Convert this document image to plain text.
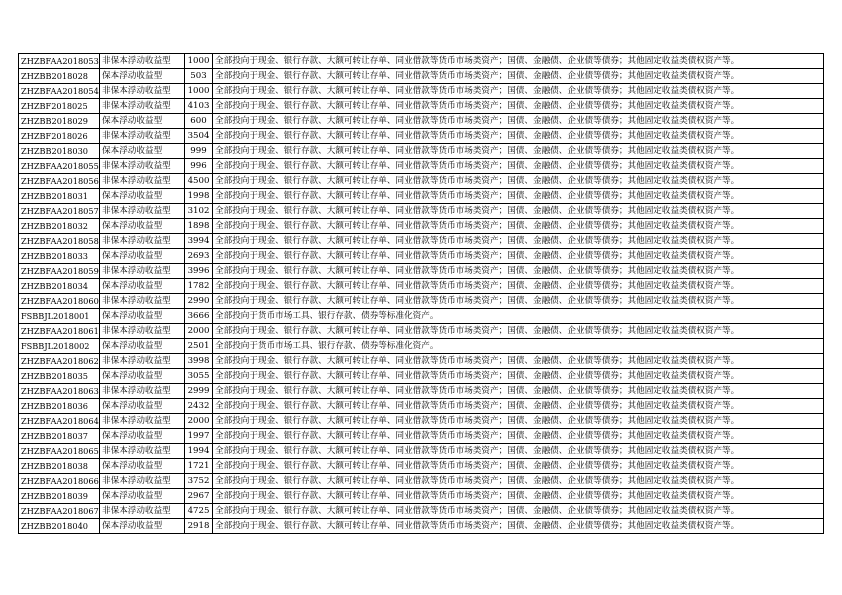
ZHZBFAA2018053	非保本浮动收益型	1000	全部投向于现金、银行存款、大额可转让存单、同业借款等货币市场类资产；国债、金融债、企业债等债券；其他固定收益类债权资产等。
ZHZBB2018028	保本浮动收益型	503	全部投向于现金、银行存款、大额可转让存单、同业借款等货币市场类资产；国债、金融债、企业债等债券；其他固定收益类债权资产等。
ZHZBFAA2018054	非保本浮动收益型	1000	全部投向于现金、银行存款、大额可转让存单、同业借款等货币市场类资产；国债、金融债、企业债等债券；其他固定收益类债权资产等。
ZHZBF2018025	非保本浮动收益型	4103	全部投向于现金、银行存款、大额可转让存单、同业借款等货币市场类资产；国债、金融债、企业债等债券；其他固定收益类债权资产等。
ZHZBB2018029	保本浮动收益型	600	全部投向于现金、银行存款、大额可转让存单、同业借款等货币市场类资产；国债、金融债、企业债等债券；其他固定收益类债权资产等。
ZHZBF2018026	非保本浮动收益型	3504	全部投向于现金、银行存款、大额可转让存单、同业借款等货币市场类资产；国债、金融债、企业债等债券；其他固定收益类债权资产等。
ZHZBB2018030	保本浮动收益型	999	全部投向于现金、银行存款、大额可转让存单、同业借款等货币市场类资产；国债、金融债、企业债等债券；其他固定收益类债权资产等。
ZHZBFAA2018055	非保本浮动收益型	996	全部投向于现金、银行存款、大额可转让存单、同业借款等货币市场类资产；国债、金融债、企业债等债券；其他固定收益类债权资产等。
ZHZBFAA2018056	非保本浮动收益型	4500	全部投向于现金、银行存款、大额可转让存单、同业借款等货币市场类资产；国债、金融债、企业债等债券；其他固定收益类债权资产等。
ZHZBB2018031	保本浮动收益型	1998	全部投向于现金、银行存款、大额可转让存单、同业借款等货币市场类资产；国债、金融债、企业债等债券；其他固定收益类债权资产等。
ZHZBFAA2018057	非保本浮动收益型	3102	全部投向于现金、银行存款、大额可转让存单、同业借款等货币市场类资产；国债、金融债、企业债等债券；其他固定收益类债权资产等。
ZHZBB2018032	保本浮动收益型	1898	全部投向于现金、银行存款、大额可转让存单、同业借款等货币市场类资产；国债、金融债、企业债等债券；其他固定收益类债权资产等。
ZHZBFAA2018058	非保本浮动收益型	3994	全部投向于现金、银行存款、大额可转让存单、同业借款等货币市场类资产；国债、金融债、企业债等债券；其他固定收益类债权资产等。
ZHZBB2018033	保本浮动收益型	2693	全部投向于现金、银行存款、大额可转让存单、同业借款等货币市场类资产；国债、金融债、企业债等债券；其他固定收益类债权资产等。
ZHZBFAA2018059	非保本浮动收益型	3996	全部投向于现金、银行存款、大额可转让存单、同业借款等货币市场类资产；国债、金融债、企业债等债券；其他固定收益类债权资产等。
ZHZBB2018034	保本浮动收益型	1782	全部投向于现金、银行存款、大额可转让存单、同业借款等货币市场类资产；国债、金融债、企业债等债券；其他固定收益类债权资产等。
ZHZBFAA2018060	非保本浮动收益型	2990	全部投向于现金、银行存款、大额可转让存单、同业借款等货币市场类资产；国债、金融债、企业债等债券；其他固定收益类债权资产等。
FSBBJL2018001	保本浮动收益型	3666	全部投向于货币市场工具、银行存款、债券等标准化资产。
ZHZBFAA2018061	非保本浮动收益型	2000	全部投向于现金、银行存款、大额可转让存单、同业借款等货币市场类资产；国债、金融债、企业债等债券；其他固定收益类债权资产等。
FSBBJL2018002	保本浮动收益型	2501	全部投向于货币市场工具、银行存款、债券等标准化资产。
ZHZBFAA2018062	非保本浮动收益型	3998	全部投向于现金、银行存款、大额可转让存单、同业借款等货币市场类资产；国债、金融债、企业债等债券；其他固定收益类债权资产等。
ZHZBB2018035	保本浮动收益型	3055	全部投向于现金、银行存款、大额可转让存单、同业借款等货币市场类资产；国债、金融债、企业债等债券；其他固定收益类债权资产等。
ZHZBFAA2018063	非保本浮动收益型	2999	全部投向于现金、银行存款、大额可转让存单、同业借款等货币市场类资产；国债、金融债、企业债等债券；其他固定收益类债权资产等。
ZHZBB2018036	保本浮动收益型	2432	全部投向于现金、银行存款、大额可转让存单、同业借款等货币市场类资产；国债、金融债、企业债等债券；其他固定收益类债权资产等。
ZHZBFAA2018064	非保本浮动收益型	2000	全部投向于现金、银行存款、大额可转让存单、同业借款等货币市场类资产；国债、金融债、企业债等债券；其他固定收益类债权资产等。
ZHZBB2018037	保本浮动收益型	1997	全部投向于现金、银行存款、大额可转让存单、同业借款等货币市场类资产；国债、金融债、企业债等债券；其他固定收益类债权资产等。
ZHZBFAA2018065	非保本浮动收益型	1994	全部投向于现金、银行存款、大额可转让存单、同业借款等货币市场类资产；国债、金融债、企业债等债券；其他固定收益类债权资产等。
ZHZBB2018038	保本浮动收益型	1721	全部投向于现金、银行存款、大额可转让存单、同业借款等货币市场类资产；国债、金融债、企业债等债券；其他固定收益类债权资产等。
ZHZBFAA2018066	非保本浮动收益型	3752	全部投向于现金、银行存款、大额可转让存单、同业借款等货币市场类资产；国债、金融债、企业债等债券；其他固定收益类债权资产等。
ZHZBB2018039	保本浮动收益型	2967	全部投向于现金、银行存款、大额可转让存单、同业借款等货币市场类资产；国债、金融债、企业债等债券；其他固定收益类债权资产等。
ZHZBFAA2018067	非保本浮动收益型	4725	全部投向于现金、银行存款、大额可转让存单、同业借款等货币市场类资产；国债、金融债、企业债等债券；其他固定收益类债权资产等。
ZHZBB2018040	保本浮动收益型	2918	全部投向于现金、银行存款、大额可转让存单、同业借款等货币市场类资产；国债、金融债、企业债等债券；其他固定收益类债权资产等。
